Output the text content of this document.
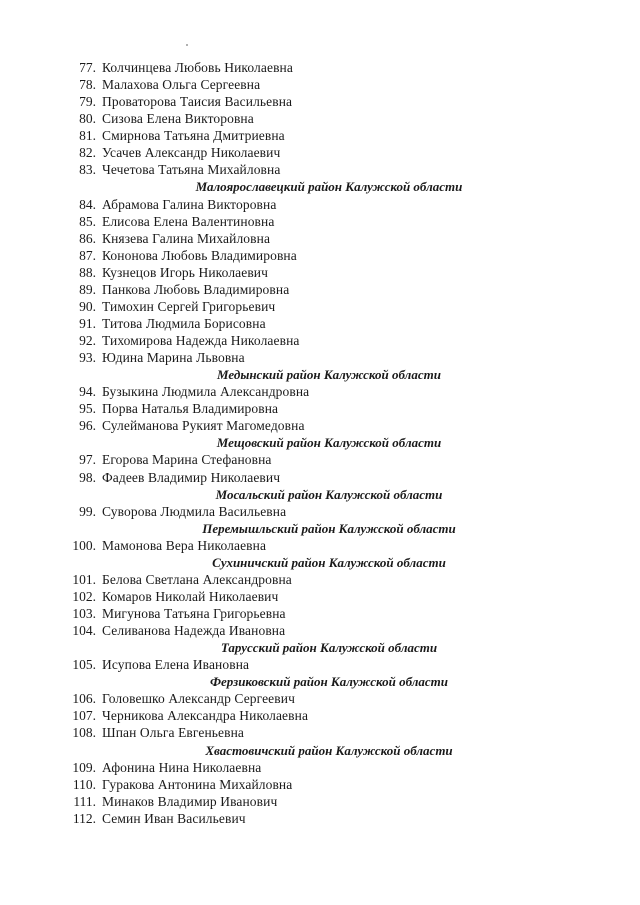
77. Колчинцева Любовь Николаевна
78. Малахова Ольга Сергеевна
79. Проваторова Таисия Васильевна
80. Сизова Елена Викторовна
81. Смирнова Татьяна Дмитриевна
82. Усачев Александр Николаевич
83. Чечетова Татьяна Михайловна
Малоярославецкий район Калужской области
84. Абрамова Галина Викторовна
85. Елисова Елена Валентиновна
86. Князева Галина Михайловна
87. Кононова Любовь Владимировна
88. Кузнецов Игорь Николаевич
89. Панкова Любовь Владимировна
90. Тимохин Сергей Григорьевич
91. Титова Людмила Борисовна
92. Тихомирова Надежда Николаевна
93. Юдина Марина Львовна
Медынский район Калужской области
94. Бузыкина Людмила Александровна
95. Порва Наталья Владимировна
96. Сулейманова Рукият Магомедовна
Мещовский район Калужской области
97. Егорова Марина Стефановна
98. Фадеев Владимир Николаевич
Мосальский район Калужской области
99. Суворова Людмила Васильевна
Перемышльский район Калужской области
100. Мамонова Вера Николаевна
Сухиничский район Калужской области
101. Белова Светлана Александровна
102. Комаров Николай Николаевич
103. Мигунова Татьяна Григорьевна
104. Селиванова Надежда Ивановна
Тарусский район Калужской области
105. Исупова Елена Ивановна
Ферзиковский район Калужской области
106. Головешко Александр Сергеевич
107. Черникова Александра Николаевна
108. Шпан Ольга Евгеньевна
Хвастовичский район Калужской области
109. Афонина Нина Николаевна
110. Гуракова Антонина Михайловна
111. Минаков Владимир Иванович
112. Семин Иван Васильевич
